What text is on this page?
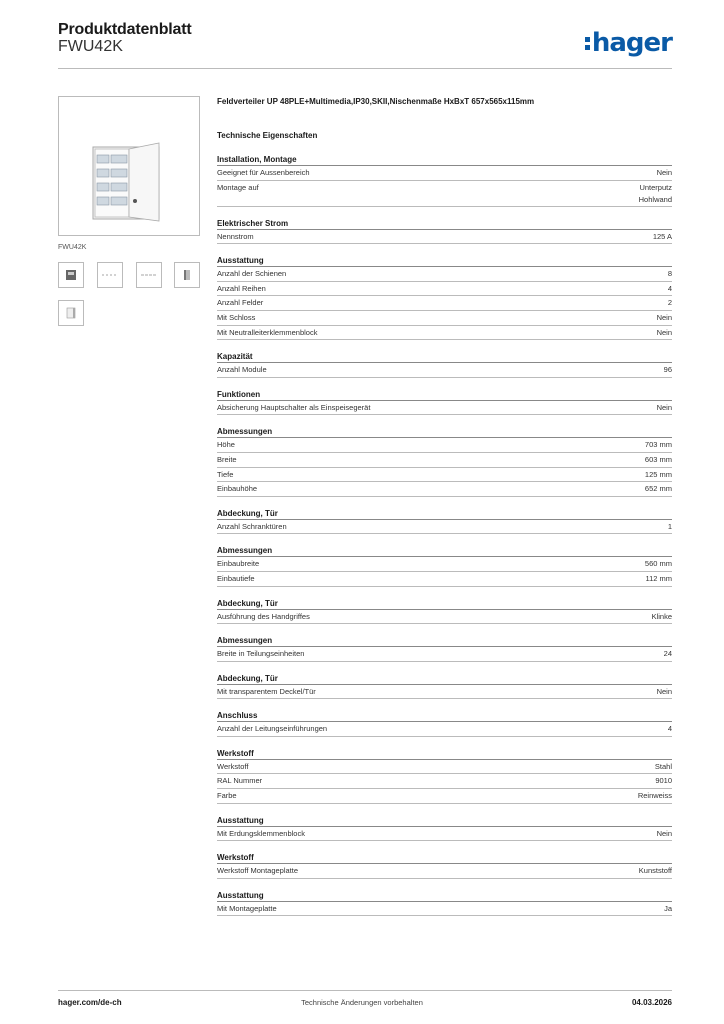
Produktdatenblatt
FWU42K	hager
FWU42K
Feldverteiler UP 48PLE+Multimedia,IP30,SKII,Nischenmaße HxBxT 657x565x115mm
Technische Eigenschaften
Installation, Montage
Geeignet für Aussenbereich	Nein
Montage auf	Unterputz
Hohlwand
Elektrischer Strom
Nennstrom	125 A
Ausstattung
Anzahl der Schienen	8
Anzahl Reihen	4
Anzahl Felder	2
Mit Schloss	Nein
Mit Neutralleiterklemmenblock	Nein
Kapazität
Anzahl Module	96
Funktionen
Absicherung Hauptschalter als Einspeisegerät	Nein
Abmessungen
Höhe	703 mm
Breite	603 mm
Tiefe	125 mm
Einbauhöhe	652 mm
Abdeckung, Tür
Anzahl Schranktüren	1
Abmessungen
Einbaubreite	560 mm
Einbautiefe	112 mm
Abdeckung, Tür
Ausführung des Handgriffes	Klinke
Abmessungen
Breite in Teilungseinheiten	24
Abdeckung, Tür
Mit transparentem Deckel/Tür	Nein
Anschluss
Anzahl der Leitungseinführungen	4
Werkstoff
Werkstoff	Stahl
RAL Nummer	9010
Farbe	Reinweiss
Ausstattung
Mit Erdungsklemmenblock	Nein
Werkstoff
Werkstoff Montageplatte	Kunststoff
Ausstattung
Mit Montageplatte	Ja
hager.com/de-ch	Technische Änderungen vorbehalten	04.03.2026
